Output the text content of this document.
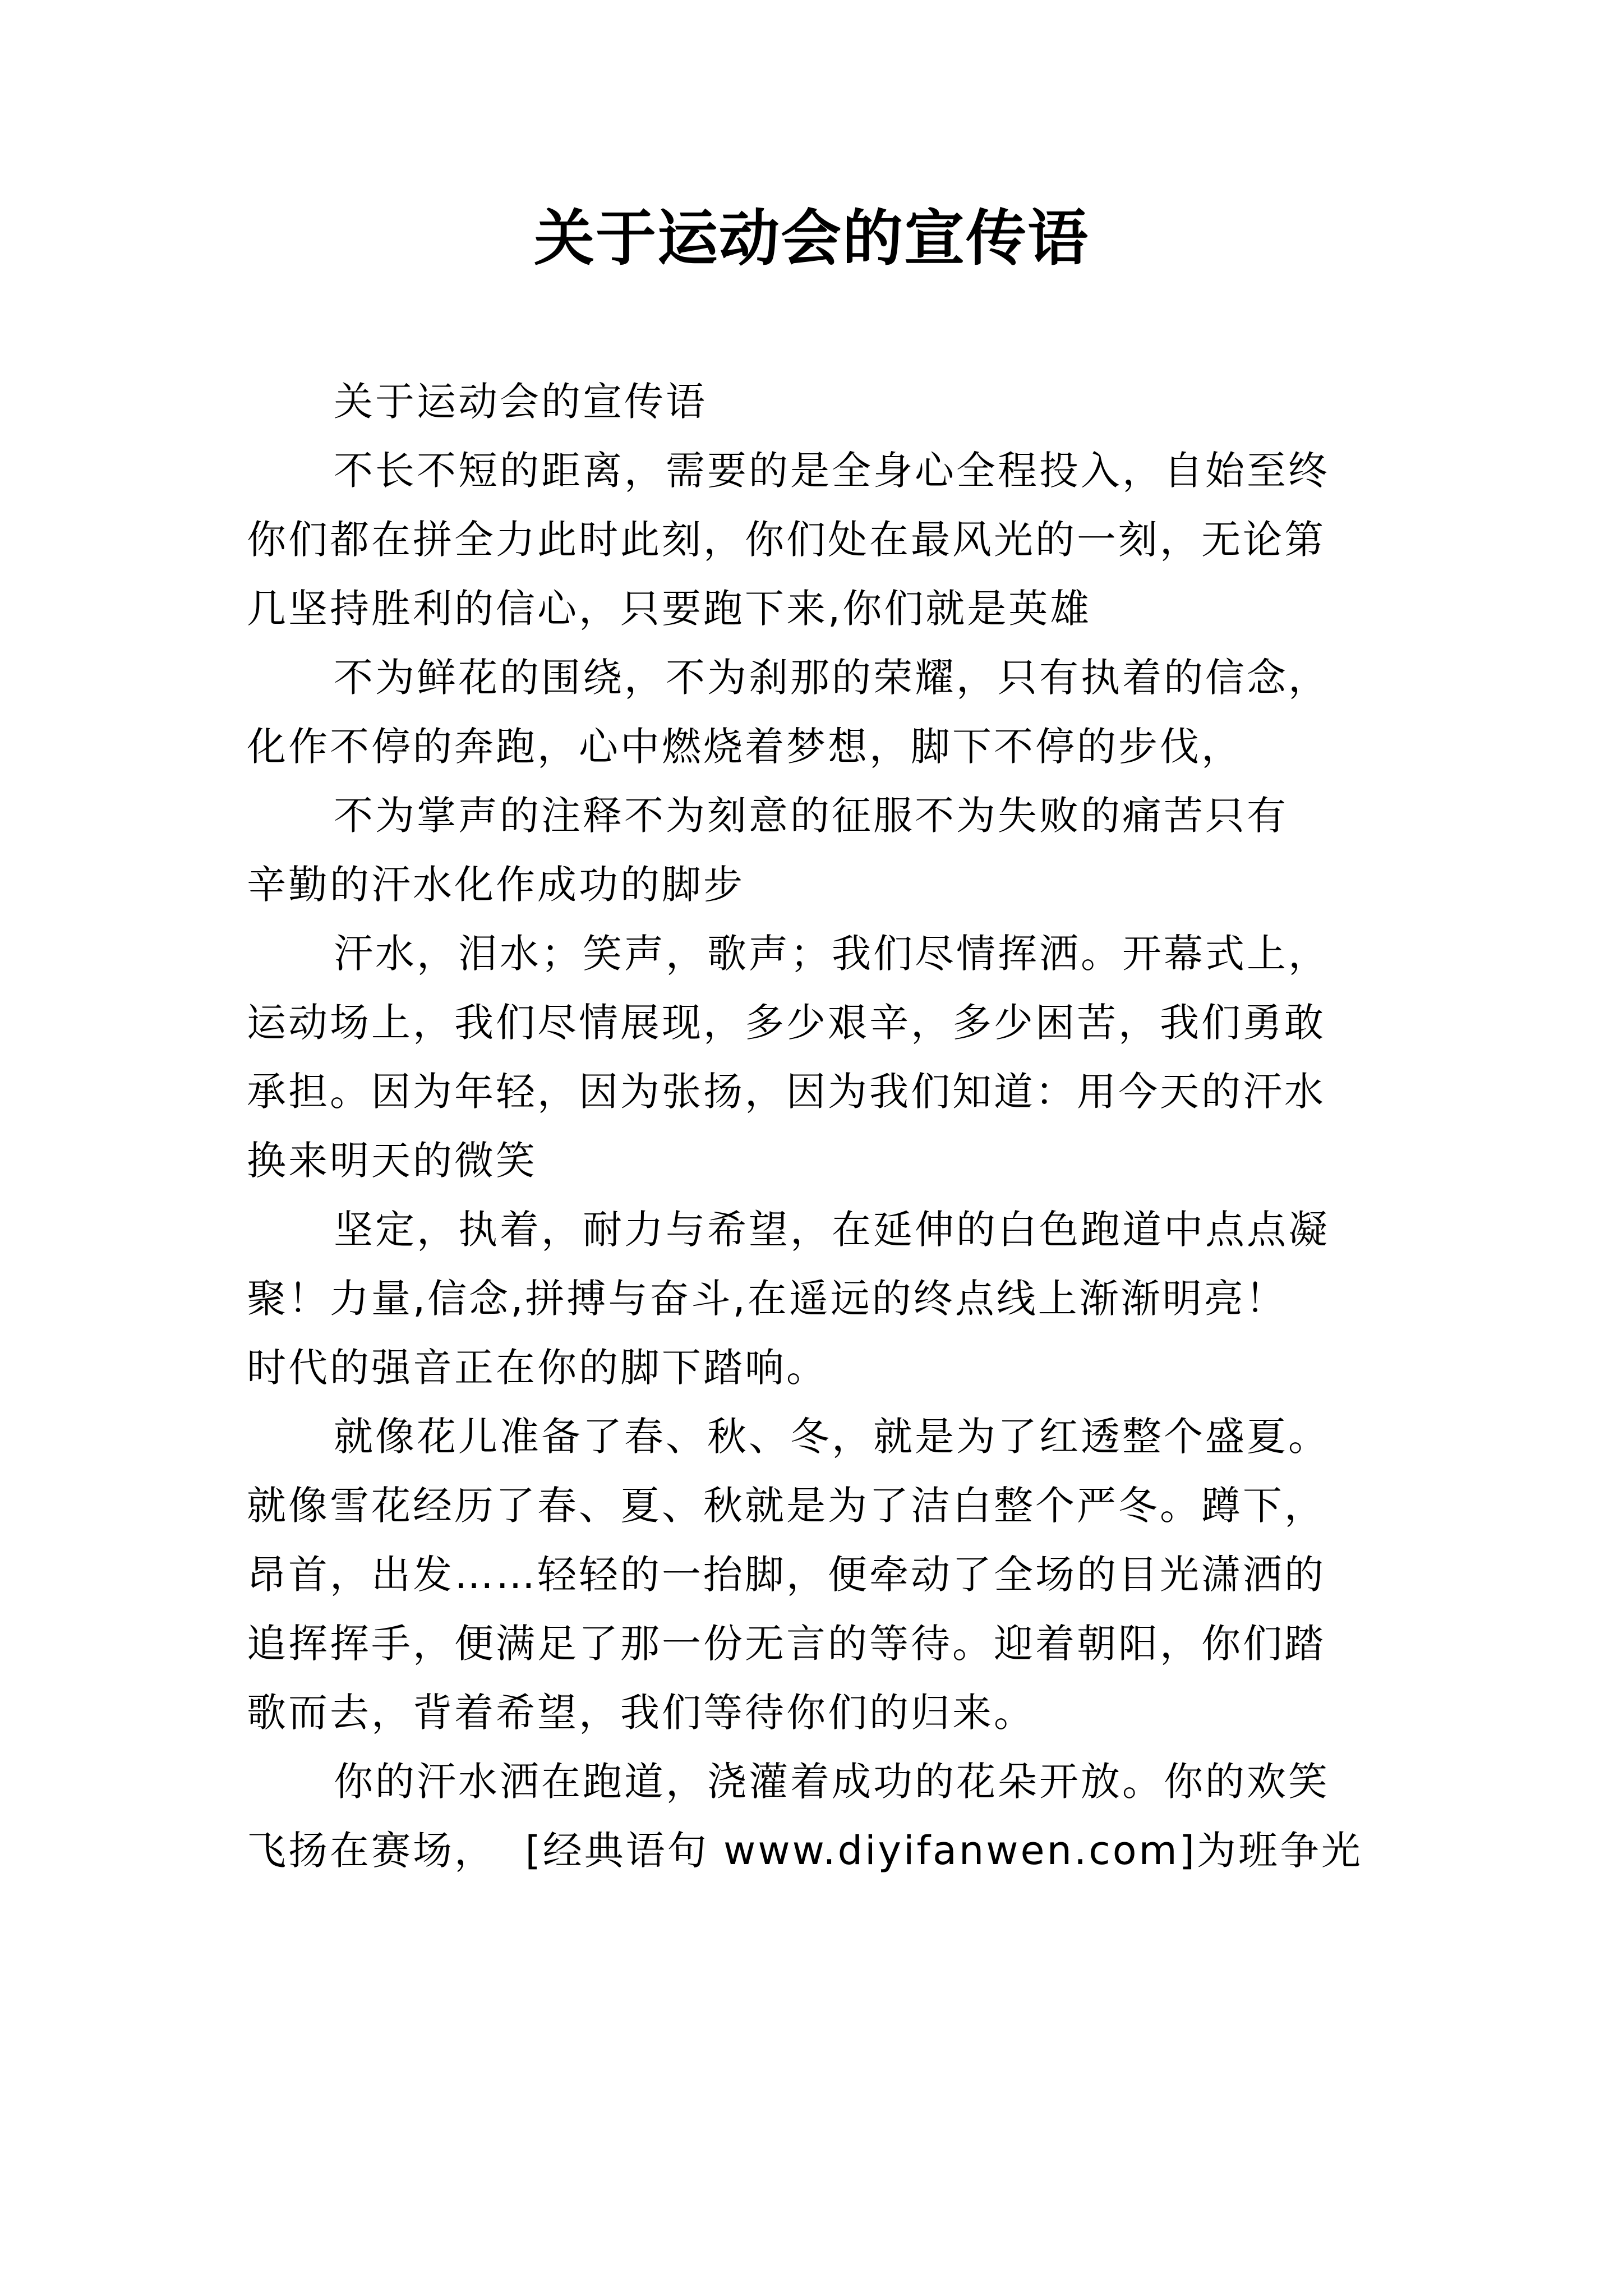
关于运动会的宣传语

关于运动会的宣传语

不长不短的距离，需要的是全身心全程投入，自始至终
你们都在拼全力此时此刻，你们处在最风光的一刻，无论第
几坚持胜利的信心，只要跑下来,你们就是英雄

不为鲜花的围绕，不为刹那的荣耀，只有执着的信念，
化作不停的奔跑，心中燃烧着梦想，脚下不停的步伐，

不为掌声的注释不为刻意的征服不为失败的痛苦只有
辛勤的汗水化作成功的脚步

汗水，泪水；笑声，歌声；我们尽情挥洒。开幕式上，
运动场上，我们尽情展现，多少艰辛，多少困苦，我们勇敢
承担。因为年轻，因为张扬，因为我们知道：用今天的汗水
换来明天的微笑

坚定，执着，耐力与希望，在延伸的白色跑道中点点凝
聚！力量,信念,拼搏与奋斗,在遥远的终点线上渐渐明亮！
时代的强音正在你的脚下踏响。

就像花儿准备了春、秋、冬，就是为了红透整个盛夏。
就像雪花经历了春、夏、秋就是为了洁白整个严冬。蹲下，
昂首，出发……轻轻的一抬脚，便牵动了全场的目光潇洒的
追挥挥手，便满足了那一份无言的等待。迎着朝阳，你们踏
歌而去，背着希望，我们等待你们的归来。

你的汗水洒在跑道，浇灌着成功的花朵开放。你的欢笑
飞扬在赛场，  [经典语句 www.diyifanwen.com]为班争光
